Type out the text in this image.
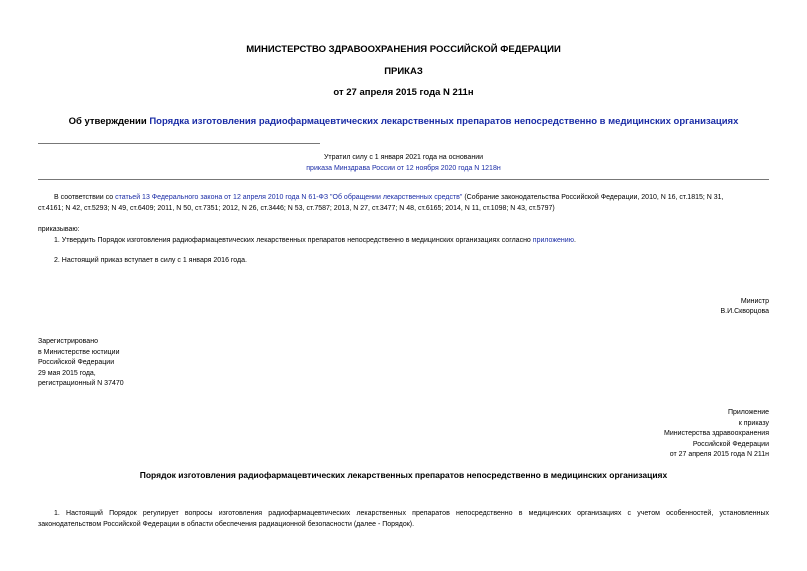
МИНИСТЕРСТВО ЗДРАВООХРАНЕНИЯ РОССИЙСКОЙ ФЕДЕРАЦИИ
ПРИКАЗ
от 27 апреля 2015 года N 211н
Об утверждении Порядка изготовления радиофармацевтических лекарственных препаратов непосредственно в медицинских организациях
Утратил силу с 1 января 2021 года на основании
приказа Минздрава России от 12 ноября 2020 года N 1218н
В соответствии со статьей 13 Федерального закона от 12 апреля 2010 года N 61-ФЗ "Об обращении лекарственных средств" (Собрание законодательства Российской Федерации, 2010, N 16, ст.1815; N 31,
ст.4161; N 42, ст.5293; N 49, ст.6409; 2011, N 50, ст.7351; 2012, N 26, ст.3446; N 53, ст.7587; 2013, N 27, ст.3477; N 48, ст.6165; 2014, N 11, ст.1098; N 43, ст.5797)
приказываю:
1. Утвердить Порядок изготовления радиофармацевтических лекарственных препаратов непосредственно в медицинских организациях согласно приложению.
2. Настоящий приказ вступает в силу с 1 января 2016 года.
Министр
В.И.Скворцова
Зарегистрировано
в Министерстве юстиции
Российской Федерации
29 мая 2015 года,
регистрационный N 37470
Приложение
к приказу
Министерства здравоохранения
Российской Федерации
от 27 апреля 2015 года N 211н
Порядок изготовления радиофармацевтических лекарственных препаратов непосредственно в медицинских организациях
1. Настоящий Порядок регулирует вопросы изготовления радиофармацевтических лекарственных препаратов непосредственно в медицинских организациях с учетом особенностей, установленных
законодательством Российской Федерации в области обеспечения радиационной безопасности (далее - Порядок).
